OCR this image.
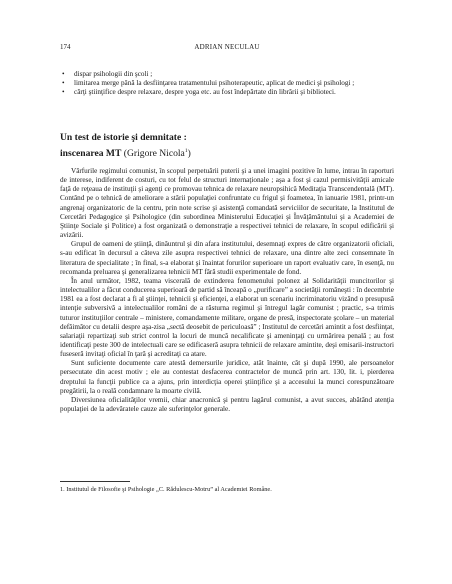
174	ADRIAN NECULAU
• dispar psihologii din şcoli ;
• limitarea merge până la desfiinţarea tratamentului psihoterapeutic, aplicat de medici şi psihologi ;
• cărţi ştiinţifice despre relaxare, despre yoga etc. au fost îndepărtate din librării şi biblioteci.
Un test de istorie şi demnitate :
inscenarea MT (Grigore Nicola$^1$)

Vârfurile regimului comunist, în scopul perpetuării puterii şi a unei imagini pozitive în lume, intrau în raporturi de interese, indiferent de costuri, cu tot felul de structuri internaţionale ; aşa a fost şi cazul permisivităţii amicale faţă de reţeaua de instituţii şi agenţi ce promovau tehnica de relaxare neuropsihică Meditaţia Transcendentală (MT). Contând pe o tehnică de ameliorare a stării populaţiei confruntate cu frigul şi foametea, în ianuarie 1981, printr-un angrenaj organizatoric de la centru, prin note scrise şi asistenţă comandată serviciilor de securitate, la Institutul de Cercetări Pedagogice şi Psihologice (din subordinea Ministerului Educaţiei şi Învăţământului şi a Academiei de Ştiinţe Sociale şi Politice) a fost organizată o demonstraţie a respectivei tehnici de relaxare, în scopul edificării şi avizării.

Grupul de oameni de ştiinţă, dinăuntrul şi din afara institutului, desemnaţi expres de către organizatorii oficiali, s-au edificat în decursul a câteva zile asupra respectivei tehnici de relaxare, una dintre alte zeci consemnate în literatura de specialitate ; în final, s-a elaborat şi înaintat forurilor superioare un raport evaluativ care, în esenţă, nu recomanda preluarea şi generalizarea tehnicii MT fără studii experimentale de fond.

În anul următor, 1982, teama viscerală de extinderea fenomenului polonez al Solidarităţii muncitorilor şi intelectualilor a făcut conducerea superioară de partid să înceapă o „purificare” a societăţii româneşti : în decembrie 1981 ea a fost declarat a fi al ştiinţei, tehnicii şi eficienţei, a elaborat un scenariu incriminatoriu vizând o presupusă intenţie subversivă a intelectualilor români de a răsturna regimul şi întregul lagăr comunist ; practic, s-a trimis tuturor instituţiilor centrale – ministere, comandamente militare, organe de presă, inspectorate şcolare – un material defăimător cu detalii despre aşa-zisa „sectă deosebit de periculoasă” ; Institutul de cercetări amintit a fost desfiinţat, salariaţii repartizaţi sub strict control la locuri de muncă necalificate şi ameninţaţi cu urmărirea penală ; au fost identificaţi peste 300 de intelectuali care se edificaseră asupra tehnicii de relaxare amintite, deşi emisarii-instructori fuseseră invitaţi oficial în ţară şi acreditaţi ca atare.

Sunt suficiente documente care atestă demersurile juridice, atât înainte, cât şi după 1990, ale persoanelor persecutate din acest motiv ; ele au contestat desfacerea contractelor de muncă prin art. 130, lit. i, pierderea dreptului la funcţii publice ca a ajuns, prin interdicţia operei ştiinţifice şi a accesului la munci corespunzătoare pregătirii, la o reală condamnare la moarte civilă.

Diversiunea oficialităţilor vremii, chiar anacronică şi pentru lagărul comunist, a avut succes, abătând atenţia populaţiei de la adevăratele cauze ale suferinţelor generale.

1. Institutul de Filosofie şi Psihologie „C. Rădulescu-Motru” al Academiei Române.
